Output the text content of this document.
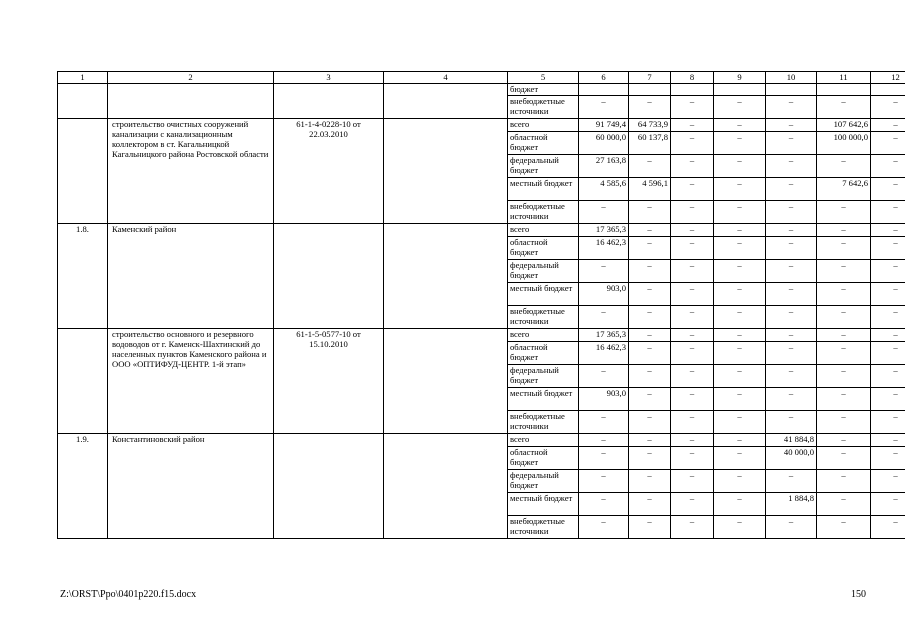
1	2	3	4	5	6	7	8	9	10	11	12
				бюджет							
				внебюджетные источники	–	–	–	–	–	–	–
	строительство очистных сооружений канализации с канализационным коллектором в ст. Кагальницкой Кагальницкого района Ростовской области	61-1-4-0228-10 от 22.03.2010		всего	91 749,4	64 733,9	–	–	–	107 642,6	–
				областной бюджет	60 000,0	60 137,8	–	–	–	100 000,0	–
				федеральный бюджет	27 163,8	–	–	–	–	–	–
				местный бюджет	4 585,6	4 596,1	–	–	–	7 642,6	–
				внебюджетные источники	–	–	–	–	–	–	–
1.8.	Каменский район			всего	17 365,3	–	–	–	–	–	–
				областной бюджет	16 462,3	–	–	–	–	–	–
				федеральный бюджет	–	–	–	–	–	–	–
				местный бюджет	903,0	–	–	–	–	–	–
				внебюджетные источники	–	–	–	–	–	–	–
	строительство основного и резервного водоводов от г. Каменск-Шахтинский до населенных пунктов Каменского района и ООО «ОПТИФУД-ЦЕНТР. 1-й этап»	61-1-5-0577-10 от 15.10.2010		всего	17 365,3	–	–	–	–	–	–
				областной бюджет	16 462,3	–	–	–	–	–	–
				федеральный бюджет	–	–	–	–	–	–	–
				местный бюджет	903,0	–	–	–	–	–	–
				внебюджетные источники	–	–	–	–	–	–	–
1.9.	Константиновский район			всего	–	–	–	–	41 884,8	–	–
				областной бюджет	–	–	–	–	40 000,0	–	–
				федеральный бюджет	–	–	–	–	–	–	–
				местный бюджет	–	–	–	–	1 884,8	–	–
				внебюджетные источники	–	–	–	–	–	–	–
Z:\ORST\Ppo\0401p220.f15.docx	150
